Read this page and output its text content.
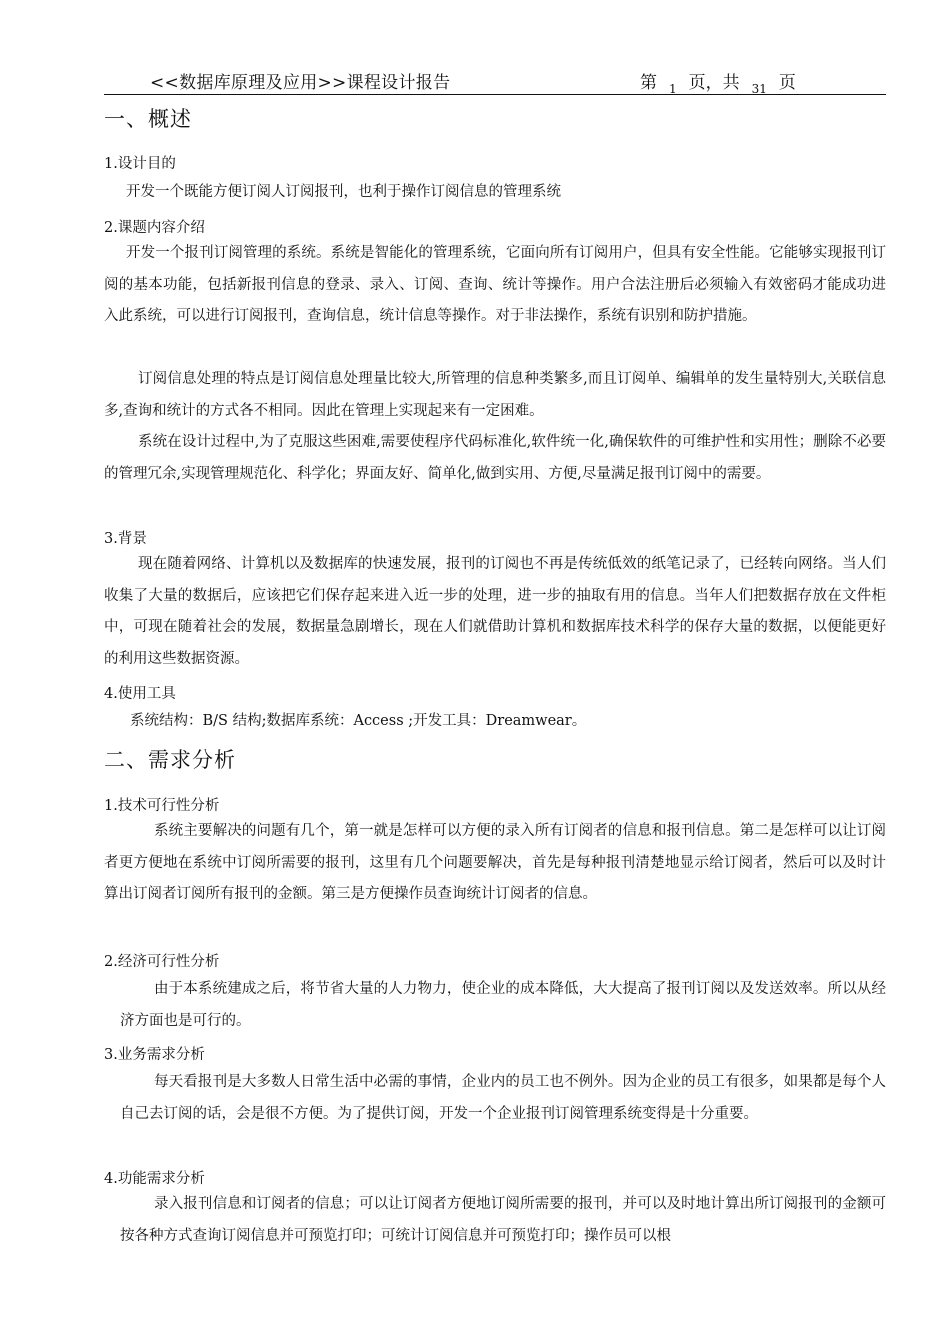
<<数据库原理及应用>>课程设计报告	第 $_1$ 页，共 $_{31}$ 页
一、概述
1.设计目的
开发一个既能方便订阅人订阅报刊，也利于操作订阅信息的管理系统
2.课题内容介绍
开发一个报刊订阅管理的系统。系统是智能化的管理系统，它面向所有订阅用户，但具有安全性能。它能够实现报刊订阅的基本功能，包括新报刊信息的登录、录入、订阅、查询、统计等操作。用户合法注册后必须输入有效密码才能成功进入此系统，可以进行订阅报刊，查询信息，统计信息等操作。对于非法操作，系统有识别和防护措施。
订阅信息处理的特点是订阅信息处理量比较大,所管理的信息种类繁多,而且订阅单、编辑单的发生量特别大,关联信息多,查询和统计的方式各不相同。因此在管理上实现起来有一定困难。
系统在设计过程中,为了克服这些困难,需要使程序代码标准化,软件统一化,确保软件的可维护性和实用性；删除不必要的管理冗余,实现管理规范化、科学化；界面友好、简单化,做到实用、方便,尽量满足报刊订阅中的需要。
3.背景
现在随着网络、计算机以及数据库的快速发展，报刊的订阅也不再是传统低效的纸笔记录了，已经转向网络。当人们收集了大量的数据后，应该把它们保存起来进入近一步的处理，进一步的抽取有用的信息。当年人们把数据存放在文件柜中，可现在随着社会的发展，数据量急剧增长，现在人们就借助计算机和数据库技术科学的保存大量的数据，以便能更好的利用这些数据资源。
4.使用工具
系统结构：B/S 结构;数据库系统：Access ;开发工具：Dreamwear。
二、需求分析
1.技术可行性分析
系统主要解决的问题有几个，第一就是怎样可以方便的录入所有订阅者的信息和报刊信息。第二是怎样可以让订阅者更方便地在系统中订阅所需要的报刊，这里有几个问题要解决，首先是每种报刊清楚地显示给订阅者，然后可以及时计算出订阅者订阅所有报刊的金额。第三是方便操作员查询统计订阅者的信息。
2.经济可行性分析
由于本系统建成之后，将节省大量的人力物力，使企业的成本降低，大大提高了报刊订阅以及发送效率。所以从经济方面也是可行的。
3.业务需求分析
每天看报刊是大多数人日常生活中必需的事情，企业内的员工也不例外。因为企业的员工有很多，如果都是每个人自己去订阅的话，会是很不方便。为了提供订阅，开发一个企业报刊订阅管理系统变得是十分重要。
4.功能需求分析
录入报刊信息和订阅者的信息；可以让订阅者方便地订阅所需要的报刊，并可以及时地计算出所订阅报刊的金额可按各种方式查询订阅信息并可预览打印；可统计订阅信息并可预览打印；操作员可以根
